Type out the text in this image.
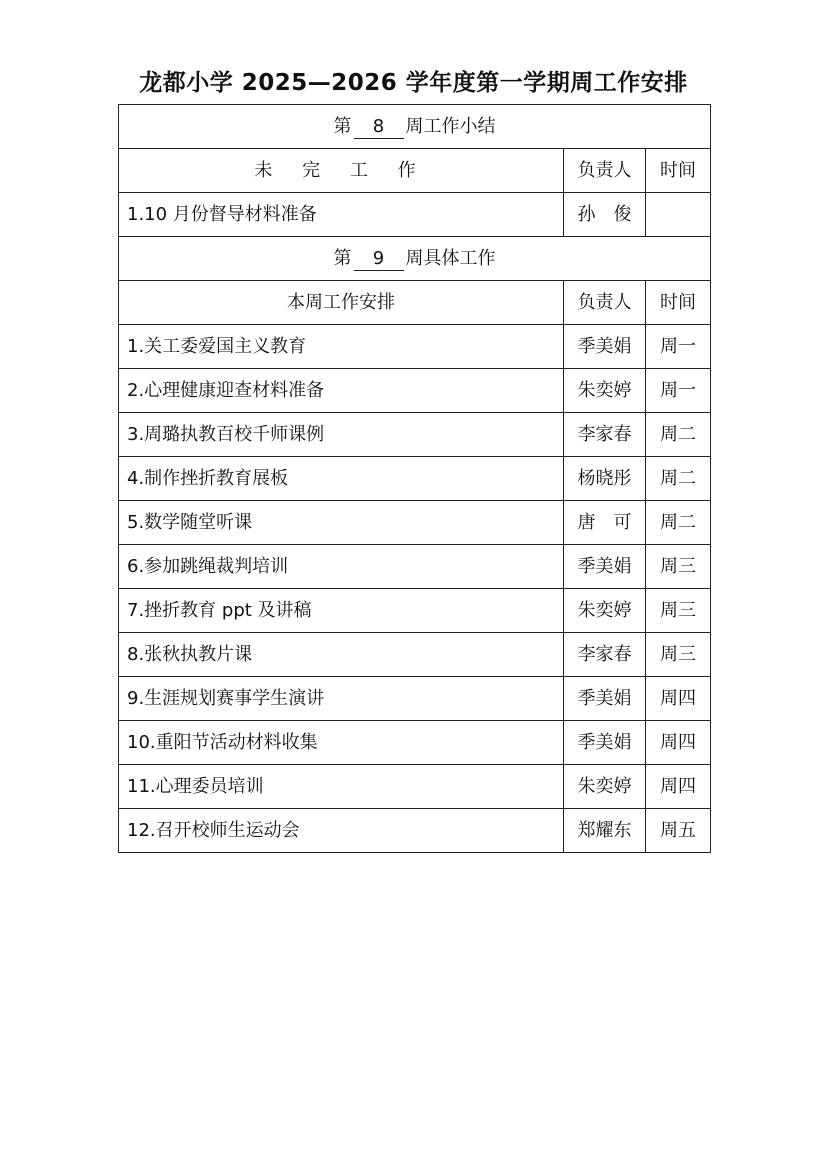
龙都小学 2025—2026 学年度第一学期周工作安排
第 8 周工作小结		
未 完 工 作	负责人	时间
1.10 月份督导材料准备	孙　俊	
第 9 周具体工作		
本周工作安排	负责人	时间
1.关工委爱国主义教育	季美娟	周一
2.心理健康迎查材料准备	朱奕婷	周一
3.周璐执教百校千师课例	李家春	周二
4.制作挫折教育展板	杨晓彤	周二
5.数学随堂听课	唐　可	周二
6.参加跳绳裁判培训	季美娟	周三
7.挫折教育 ppt 及讲稿	朱奕婷	周三
8.张秋执教片课	李家春	周三
9.生涯规划赛事学生演讲	季美娟	周四
10.重阳节活动材料收集	季美娟	周四
11.心理委员培训	朱奕婷	周四
12.召开校师生运动会	郑耀东	周五
